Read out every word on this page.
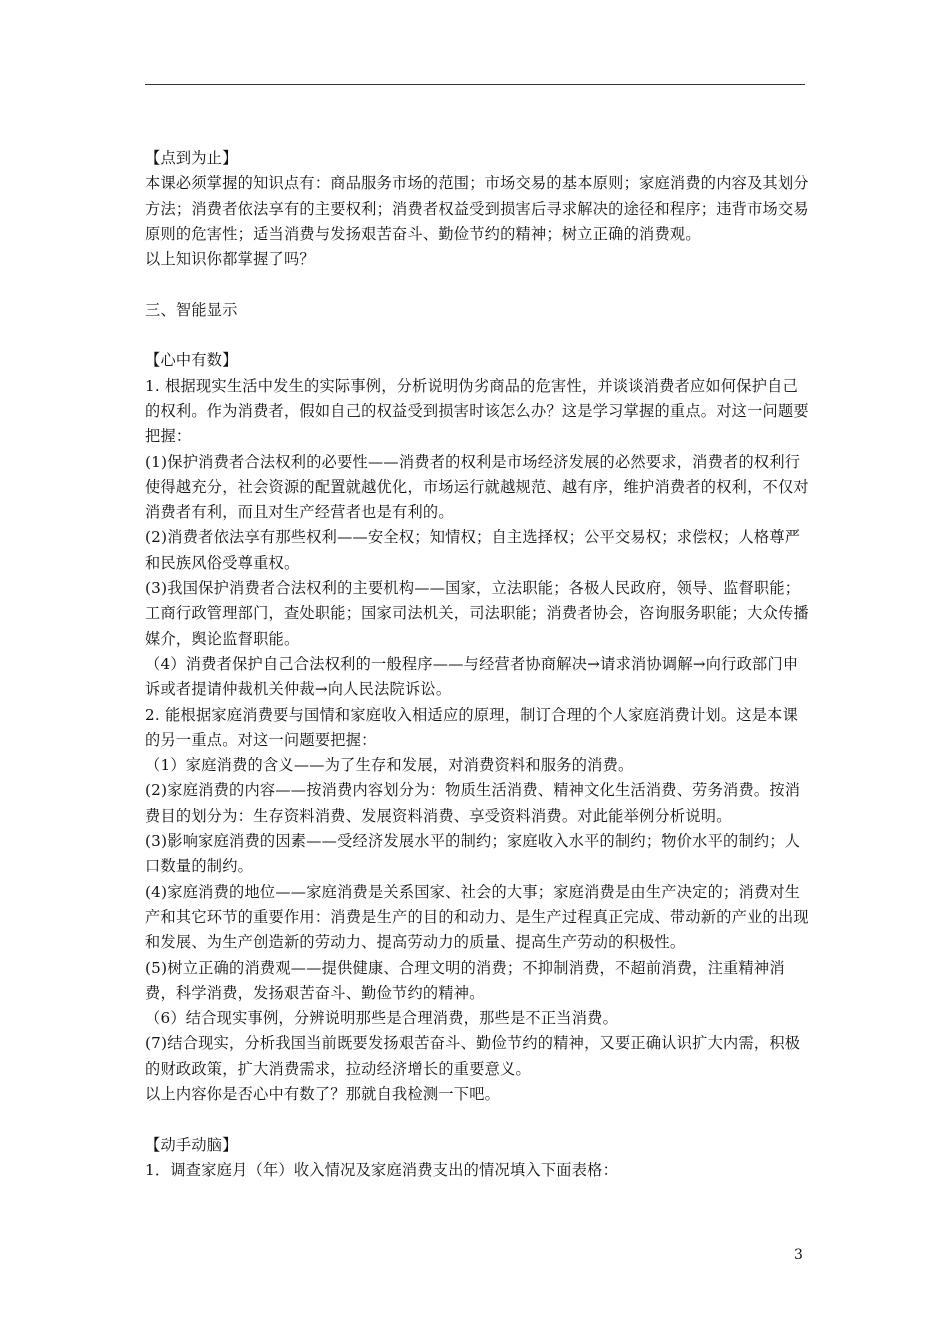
【点到为止】

本课必须掌握的知识点有：商品服务市场的范围；市场交易的基本原则；家庭消费的内容及其划分方法；消费者依法享有的主要权利；消费者权益受到损害后寻求解决的途径和程序；违背市场交易原则的危害性；适当消费与发扬艰苦奋斗、勤俭节约的精神；树立正确的消费观。

以上知识你都掌握了吗？

三、智能显示

【心中有数】

1. 根据现实生活中发生的实际事例，分析说明伪劣商品的危害性，并谈谈消费者应如何保护自己的权利。作为消费者，假如自己的权益受到损害时该怎么办？这是学习掌握的重点。对这一问题要把握：

(1)保护消费者合法权利的必要性——消费者的权利是市场经济发展的必然要求，消费者的权利行使得越充分，社会资源的配置就越优化，市场运行就越规范、越有序，维护消费者的权利，不仅对消费者有利，而且对生产经营者也是有利的。

(2)消费者依法享有那些权利——安全权；知情权；自主选择权；公平交易权；求偿权；人格尊严和民族风俗受尊重权。

(3)我国保护消费者合法权利的主要机构——国家，立法职能；各极人民政府，领导、监督职能；工商行政管理部门，查处职能；国家司法机关，司法职能；消费者协会，咨询服务职能；大众传播媒介，舆论监督职能。

（4）消费者保护自己合法权利的一般程序——与经营者协商解决→请求消协调解→向行政部门申诉或者提请仲裁机关仲裁→向人民法院诉讼。

2. 能根据家庭消费要与国情和家庭收入相适应的原理，制订合理的个人家庭消费计划。这是本课的另一重点。对这一问题要把握：

（1）家庭消费的含义——为了生存和发展，对消费资料和服务的消费。

(2)家庭消费的内容——按消费内容划分为：物质生活消费、精神文化生活消费、劳务消费。按消费目的划分为：生存资料消费、发展资料消费、享受资料消费。对此能举例分析说明。

(3)影响家庭消费的因素——受经济发展水平的制约；家庭收入水平的制约；物价水平的制约；人口数量的制约。

(4)家庭消费的地位——家庭消费是关系国家、社会的大事；家庭消费是由生产决定的；消费对生产和其它环节的重要作用：消费是生产的目的和动力、是生产过程真正完成、带动新的产业的出现和发展、为生产创造新的劳动力、提高劳动力的质量、提高生产劳动的积极性。

(5)树立正确的消费观——提供健康、合理文明的消费；不抑制消费，不超前消费，注重精神消费，科学消费，发扬艰苦奋斗、勤俭节约的精神。

（6）结合现实事例，分辨说明那些是合理消费，那些是不正当消费。

(7)结合现实，分析我国当前既要发扬艰苦奋斗、勤俭节约的精神，又要正确认识扩大内需，积极的财政政策，扩大消费需求，拉动经济增长的重要意义。

以上内容你是否心中有数了？那就自我检测一下吧。

【动手动脑】

1．调查家庭月（年）收入情况及家庭消费支出的情况填入下面表格：

3
